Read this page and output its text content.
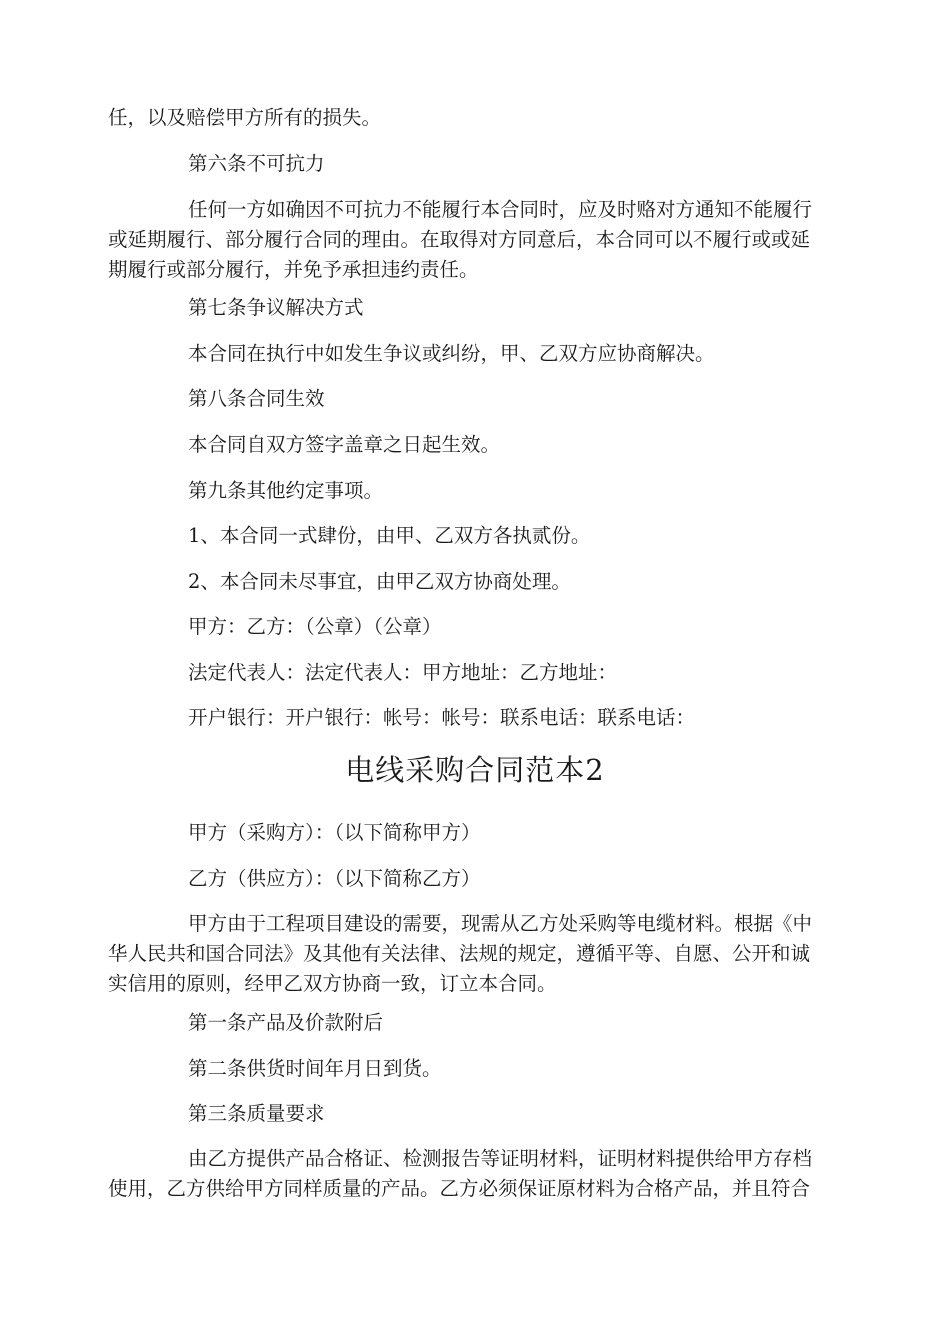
任，以及赔偿甲方所有的损失。

第六条不可抗力

任何一方如确因不可抗力不能履行本合同时，应及时赂对方通知不能履行
或延期履行、部分履行合同的理由。在取得对方同意后，本合同可以不履行或或延
期履行或部分履行，并免予承担违约责任。

第七条争议解决方式

本合同在执行中如发生争议或纠纷，甲、乙双方应协商解决。

第八条合同生效

本合同自双方签字盖章之日起生效。

第九条其他约定事项。

1、本合同一式肆份，由甲、乙双方各执贰份。

2、本合同未尽事宜，由甲乙双方协商处理。

甲方：乙方：（公章）（公章）

法定代表人：法定代表人：甲方地址：乙方地址：

开户银行：开户银行：帐号：帐号：联系电话：联系电话：

电线采购合同范本2

甲方（采购方）：（以下简称甲方）

乙方（供应方）：（以下简称乙方）

甲方由于工程项目建设的需要，现需从乙方处采购等电缆材料。根据《中
华人民共和国合同法》及其他有关法律、法规的规定，遵循平等、自愿、公开和诚
实信用的原则，经甲乙双方协商一致，订立本合同。

第一条产品及价款附后

第二条供货时间年月日到货。

第三条质量要求

由乙方提供产品合格证、检测报告等证明材料，证明材料提供给甲方存档
使用，乙方供给甲方同样质量的产品。乙方必须保证原材料为合格产品，并且符合
